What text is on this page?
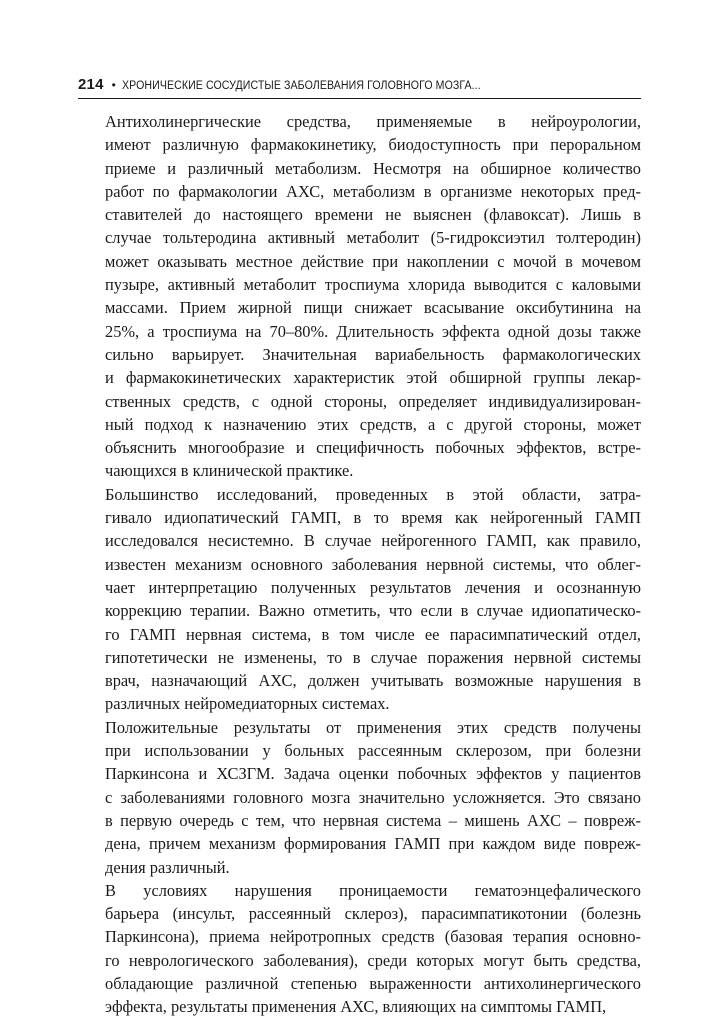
214 • ХРОНИЧЕСКИЕ СОСУДИСТЫЕ ЗАБОЛЕВАНИЯ ГОЛОВНОГО МОЗГА...
Антихолинергические средства, применяемые в нейроурологии,
имеют различную фармакокинетику, биодоступность при пероральном
приеме и различный метаболизм. Несмотря на обширное количество
работ по фармакологии АХС, метаболизм в организме некоторых пред-
ставителей до настоящего времени не выяснен (флавоксат). Лишь в
случае тольтеродина активный метаболит (5-гидроксиэтил толтеродин)
может оказывать местное действие при накоплении с мочой в мочевом
пузыре, активный метаболит троспиума хлорида выводится с каловыми
массами. Прием жирной пищи снижает всасывание оксибутинина на
25%, а троспиума на 70–80%. Длительность эффекта одной дозы также
сильно варьирует. Значительная вариабельность фармакологических
и фармакокинетических характеристик этой обширной группы лекар-
ственных средств, с одной стороны, определяет индивидуализирован-
ный подход к назначению этих средств, а с другой стороны, может
объяснить многообразие и специфичность побочных эффектов, встре-
чающихся в клинической практике.
Большинство исследований, проведенных в этой области, затра-
гивало идиопатический ГАМП, в то время как нейрогенный ГАМП
исследовался несистемно. В случае нейрогенного ГАМП, как правило,
известен механизм основного заболевания нервной системы, что облег-
чает интерпретацию полученных результатов лечения и осознанную
коррекцию терапии. Важно отметить, что если в случае идиопатическо-
го ГАМП нервная система, в том числе ее парасимпатический отдел,
гипотетически не изменены, то в случае поражения нервной системы
врач, назначающий АХС, должен учитывать возможные нарушения в
различных нейромедиаторных системах.
Положительные результаты от применения этих средств получены
при использовании у больных рассеянным склерозом, при болезни
Паркинсона и ХСЗГМ. Задача оценки побочных эффектов у пациентов
с заболеваниями головного мозга значительно усложняется. Это связано
в первую очередь с тем, что нервная система – мишень АХС – повреж-
дена, причем механизм формирования ГАМП при каждом виде повреж-
дения различный.
В условиях нарушения проницаемости гематоэнцефалического
барьера (инсульт, рассеянный склероз), парасимпатикотонии (болезнь
Паркинсона), приема нейротропных средств (базовая терапия основно-
го неврологического заболевания), среди которых могут быть средства,
обладающие различной степенью выраженности антихолинергического
эффекта, результаты применения АХС, влияющих на симптомы ГАМП,
